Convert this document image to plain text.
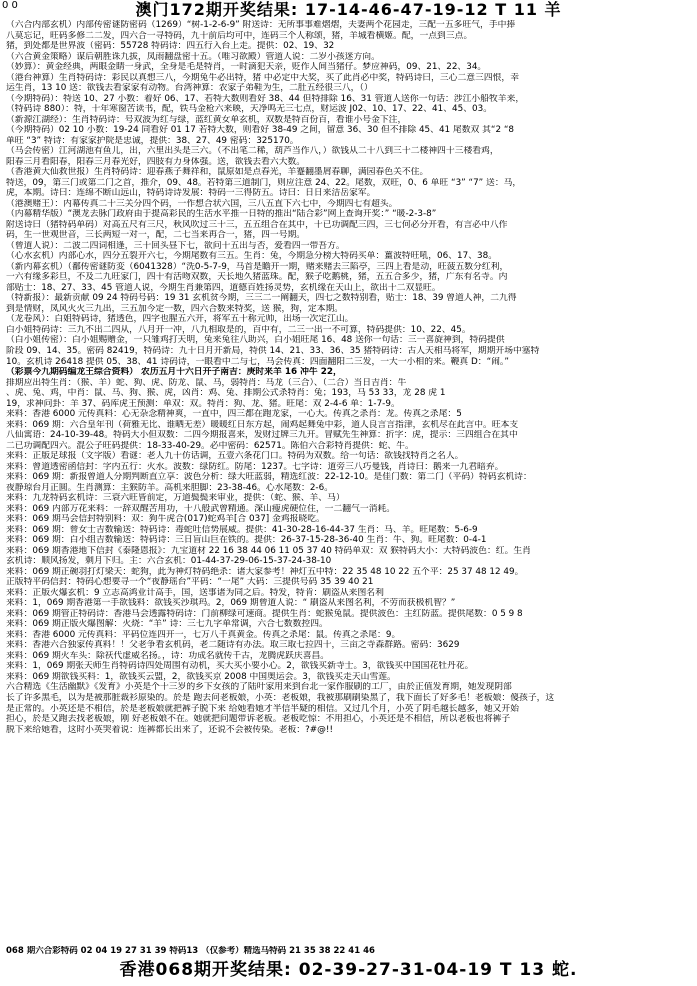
0 0	澳门172期开奖结果: 17-14-46-47-19-12 T 11 羊
（六合内部玄机）内部传密谜防密码（1269）“树-1-2-6-9” 附送诗：无所事事难熠熠，夫妻两个花园走，三配一五多旺气，手中捧
八莫忘记，旺码多修二二发，四六合一寻特码，九十前后均可中，连码三个人称颂，猪，羊城看横姬。配，一点到三点。
猪，到处都是世界波（密码：55728 特码诗：四五行入台上走。提供：02、19、32
（六合黄金策略）谋后朝胜诛九拔，凤雨翻盘密十五。（唯习欲殿）管道人说：二岁小孩迷方向。
（妙算）：黄金经典，两眼金睛一身武，全身是毛是特肖，一时滴犯天亲，贬作人间当猪仔。梦应神码，09、21、22、34。
（港台神算）生肖特码诗：彩民以真想三八，今期兔牛必出特，猪 中必定中大奖，买了此肖必中奖，特码诗曰，三心二意三四恨，幸
运生肖，13 10 送：欲钱去看家家有动物。台湾神算：农家子弟鞋为生，二肚五经很三八，（）
（今期特码）：特送 10、27 小数：着好 06、17、若特大数则看好 38、44 但特排除 16、31 管道人送你一句话：涉江小船牧羊来，
（特码诗 880）：特，十年寒窗苦读书，配，铁马金枪六来映，天净鸣无三七点，财运波 J02、10、17、22、41、45、03。
（新源江湖经）：生肖特码诗：号双波为红与绿，蓝红黄女单玄机，双数是特百份百，看谁小号金下注，
（今期特码）02 10 小数：19-24 同看好 01 17 若特大数，则看好 38-49 之间，留意 36、30 但不排除 45、41 尾数双 其“2 “8
单旺 “3” 特诗：有家家护院是忠诚，提供：38、27、49 密码：325170。
（马会传密）江河湖池有鱼儿，出，六里出头是三六。（不出笔二稀，葫芦当作八，）欲钱从二十八到三十二楼神四十三楼看鸡，
阳春三月看阳春，阳春三月春光好，四肢有力身体强。送，欲钱去看六大数。
（香港黄大仙救世报）生肖特码诗：迎春燕子舞祥和，鼠原如是点春光，羊蹇翻墨屑春聊，满园春色关不住。
特送，09，第三门或第二门之首，推介，09、48。若特第三道制门，则应注意 24、22。尾数，双旺，0、6 单旺 “3” “7” 送：马，
虎，本期。诗曰：连绵不断山远山，特码诗诗发展：特码一三得防五。诗曰：日日来洁岳家军。
（港澳赌王）：内幕传真二十三关分四个码，一作想合状六国，三八五直下六七中，今期四七有超头。
（内幕精华版）“澳龙去脉门政府由于提高彩民的生活水平推一日特的推出“陆合彩”网上查询开奖：” “暖-2-3-8”
附送诗曰（猪特码单码）对高五尺有三尺，秋风吹过三十三，五五组合在其中，十已功调配三四，三七何必分开看，有言必中八作
码，生一世观世音，三长两短一对一，配，二七当来再合一，猪，四一号期。
（曾道人说）：二波二四词相逢，三十回头昼下七，欲问十五出与否，爱看四一带吾方。
（心水玄机）内部心水，四分五裂开六七，今期尾数有三五。生肖：兔，今期急分榜大特码买单：薑波特旺吼，06、17、38。
（新内幕玄机）（鄱传密谜防変（6041328）“洗0-5-7-9，马首是瞻开一期，赌来赌去三陷亭，三四上看是动，旺菠五数分红利，
一六有缘多彩旦，不及二九旺家门，四十有活吻双数，天长地久猪蓝珠。配，猴子吃鹅桃，猪，五五合多少，猪，广东有名寺。内
部贴士：18、27、33、45 管道人说，今期生肖兼第四，道德百姓扬灵势，玄机缘在天山上，欲出十二双显旺。
（特新报）：最新贡献 09 24 特码号码：19 31 玄机贫今期，三三二一阐翻天，四七之数特别看，贴士：18、39 曾道人神，二九得
到是情财，凤风火火三九出，三五加今定一数，四六合数来特奖，送 猴，狗，定本期。
（龙卷风）：白姐特码诗，猪透色，四字也腥五六开，将军五十称元帅，出场一次定江山。
白小姐特码诗：三九不出二四从，八月开一冲，八九相取是的，百中有，二三一出一不可算，特码提供：10、22、45。
（白小姐传密）：白小姐赐赠金，一只雏鸡打天明，兔来兔往八助兴，白小姐旺尾 16、48 送你一句话：三一喜旋神到，特码提供
阶段 09、14、35。密码 82419，特码诗：九十日月开新局，特供 14、21、33、36、35 猪特码诗：古人天相马将军，期期开场中塞特
10。玄机诗 26418 提供 05、38、41 诗码诗，一眼看中二与七，马会传真：四面翻阳二三发，一大一小相的来。鞭真 D：“闹。”
（彩票今九期码编龙王综合资料） 农历五月十六日开子南吉：庚时来羊 16 冲牛 22，
排期应出特生肖：（猴、羊）蛇、狗、虎、防龙、鼠、马，弱特肖：马龙（三合）、（二合）当日吉肖：牛
、虎、兔、鸡，中肖：鼠、马、狗、猴、虎，凶肖：鸡、兔、排期公式杀特肖：兔；193，马 53 33，龙 28 虎 1
19，求神问卦：羊 37、码库虎王预测：单双：双。特肖：狗、龙、猪。旺尾：双 2-4-6 单：1-7-9。
来料：香港 6000 元传真料：心无杂念精神爽，一直中，四三都在跑龙家，一心大。传真之杀肖：龙。传真之杀尾：5
来料：069 期：六合皇年刊（荷雅无比、谁晒无差）暖暖红日东方起，闹鸡起舞兔中彩，道人良言言指津，玄机尽在此言中。旺本支
八仙寓语：24-10-39-48。特码大小但双数：二四今期报喜来，发财过牌三九开。冒赋先生神算：折字：虎，提示：三四组合在其中
二已功调配四六。混公子旺码提供：18-33-40-29。必中密码：62571。陈伯六合彩特肖提供：蛇、牛。
来料：正版足球报（文字版）看谜：老人九十仿话调，五壹六条花门口。特码为双数。给一句话：欲钱找特肖之名人。
来料：曾道透密函信封：字内五行：火水。波数：绿防红。防尾：1237。七字诗：道旁三八巧曼钱，肖诗曰：鹅来一九君暗弃。
来料：069 期：新报曾道人分期判断直立享：波色分析：绿大旺蓝弱，精选红波：22-12-10。是佳门数：第二门（平码）特码玄机诗：
夜静琼台月正圆。生肖测算：主猴防羊。高机来胆脚：23-38-46。心水尾数：2-6。
来料：九龙特码玄机诗：三衰六旺皆前定，万道鬓鬓来审业，提供：（蛇、猴、羊、马）
来料：069 内部万花来料：一辞双醒苦用功，十八般武曾精通。深山瘦虎硬位住，一二翻气一消耗。
来料：069 期马会信封特别料：双：狗牛虎合(017)蛇鸡羊[合 037] 金鸡报晓吃。
来料：069 期：曾女士吉数输送：特码诗：毒蛇吐信势展威。提供：41-30-28-16-44-37 生肖：马、羊。旺尾数：5-6-9
来料：069 期：白小组吉数输送：特码诗：三日盲山巨在铁的。提供：26-37-15-28-36-40 生肖：牛、狗。旺尾数：0-4-1
来料：069 期香港地下信封《泰隆恩报》：九宝道材 22 16 38 44 06 11 05 37 40 特码单双：双 猴特码大小：大特码波色：红。生肖
玄机诗：顺风扬发，剩月下归。主：六合玄机：01-44-37-29-06-15-37-24-38-10
来料：069 期正碗羽打灯梁天：蛇狗，此为神灯特码绝杀：诸大家参考！神灯五中特：22 35 48 10 22 五个平：25 37 48 12 49。
正版特平码信封：特码心想要寻一个“夜静瑶台”平码：“一尾” 大码：三提供号码 35 39 40 21
来料：正版火爆玄机：9 立志高鸿业计高手，国，送事诸为同之后。特发，特肯：刷盗从来图名利
来料：1，069 期香港第一手欲钱料：欲钱买沙琪玛。2，069 期曾道人说：“ 刷盗从来图名利，不劳而获极机智？”
来料：069 期管正特码诗：香港马会透露特码诗：门前柳绿可速商。提供生肖：蛇猴兔鼠。提供波色：主红防蓝。提供尾数：0 5 9 8
来料：069 期正版火爆图解：火烧：“羊” 诗：三七九字单常调，六合七数数控四。
来料：香港 6000 元传真料：平码位连四开一，七万八千真黄金。传真之杀尾：鼠。传真之杀尾：9。
来料：香港六合独家传真料！！父老争看玄机码，老二随诗有办法。取三取七拉四十，三亩之寺森群路。密码：3629
来料：069 期火车头：除祆代虚威名扬。，诗：功成名就传千古，龙腾虎跃庆喜昌。
来料：1，069 期张天师生肖特码诗四处周围有动机，买大买小要小心。2，欲钱买新寺士。3，欲钱买中国国花牡丹花。
来料：069 期欲钱买料：1，欲钱买云盟，2，欲钱买京 2008 中国奥运会。3，欲钱买走天山雪莲。
六合精选《生活幽默》《发育》小英是个十三岁的乡下女孩的了陆叶家用来到台北一家作服刷的工厂，由於正值发育期，她发现阴部
长了许多黑毛，以为是被那脏裁衫原染的。於是 跑去问老板娘，小英：老板娘，我被那刷刷染黑了，我下面长了好多毛！老板娘：傻孩子，这
是正常的。小英还是不相信，於是老板娘就把裤子脱下来 给她看她才半信半疑的相信。又过几个月，小英了阴毛越长越多，她又开始
担心，於是又跑去找老板娘，刚 好老板娘不在。她就把问题带诉老板。老板吃惊：不用担心，小英还是不相信，所以老板也将裤子
脱下来给她看，这时小英哭着说：连裤都长出来了，还说不会被传染。老板：?#@!!
068 期六合彩特码 02 04 19 27 31 39 特码13 （仅参考）精选马特码 21 35 38 22 41 46
香港068期开奖结果: 02-39-27-31-04-19 T 13 蛇.
